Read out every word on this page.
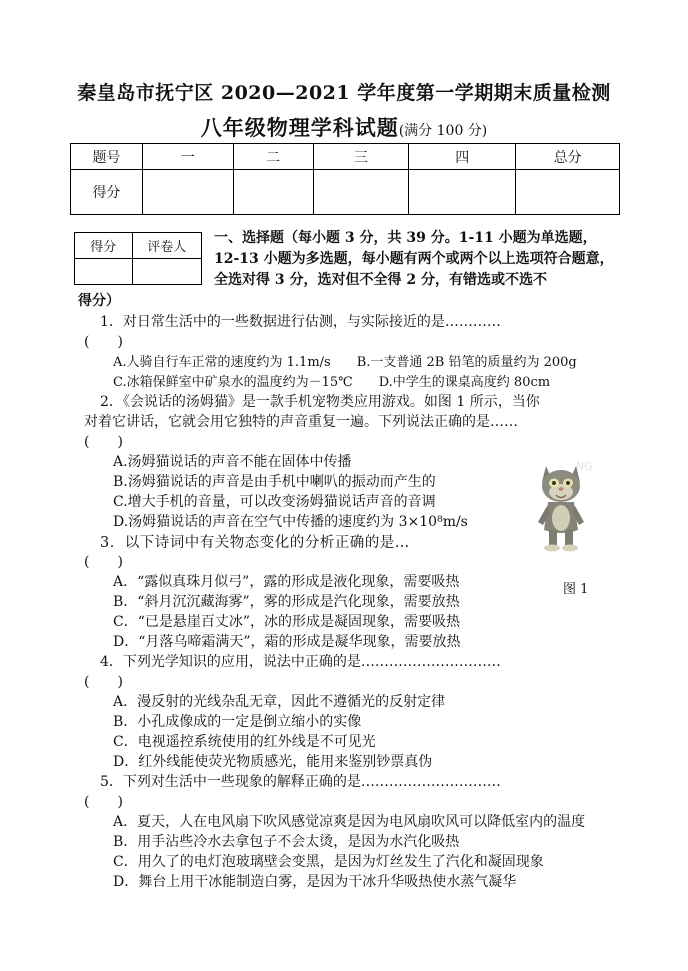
秦皇岛市抚宁区 2020—2021 学年度第一学期期末质量检测
八年级物理学科试题(满分 100 分)
题号	一	二	三	四	总分
得分					
得分	评卷人

一、选择题（每小题 3 分，共 39 分。1-11 小题为单选题，12-13 小题为多选题，每小题有两个或两个以上选项符合题意，全选对得 3 分，选对但不全得 2 分，有错选或不选不
得分）
1．对日常生活中的一些数据进行估测，与实际接近的是…………
(　　)
A.人骑自行车正常的速度约为 1.1m/s　　B.一支普通 2B 铅笔的质量约为 200g
C.冰箱保鲜室中矿泉水的温度约为－15℃　　D.中学生的课桌高度约 80cm
2．《会说话的汤姆猫》是一款手机宠物类应用游戏。如图 1 所示，当你
对着它讲话，它就会用它独特的声音重复一遍。下列说法正确的是……
(　　)
A.汤姆猫说话的声音不能在固体中传播
B.汤姆猫说话的声音是由手机中喇叭的振动而产生的
C.增大手机的音量，可以改变汤姆猫说话声音的音调
D.汤姆猫说话的声音在空气中传播的速度约为 3×10⁸m/s
NG
图 1
3．以下诗词中有关物态变化的分析正确的是…
(　　)
A．“露似真珠月似弓”，露的形成是液化现象，需要吸热
B．“斜月沉沉藏海雾”，雾的形成是汽化现象，需要放热
C．“已是悬崖百丈冰”，冰的形成是凝固现象，需要吸热
D．“月落乌啼霜满天”，霜的形成是凝华现象，需要放热
4．下列光学知识的应用，说法中正确的是…………………………
(　　)
A．漫反射的光线杂乱无章，因此不遵循光的反射定律
B．小孔成像成的一定是倒立缩小的实像
C．电视遥控系统使用的红外线是不可见光
D．红外线能使荧光物质感光，能用来鉴别钞票真伪
5．下列对生活中一些现象的解释正确的是…………………………
(　　)
A．夏天，人在电风扇下吹风感觉凉爽是因为电风扇吹风可以降低室内的温度
B．用手沾些冷水去拿包子不会太烫，是因为水汽化吸热
C．用久了的电灯泡玻璃壁会变黑，是因为灯丝发生了汽化和凝固现象
D．舞台上用干冰能制造白雾，是因为干冰升华吸热使水蒸气凝华
